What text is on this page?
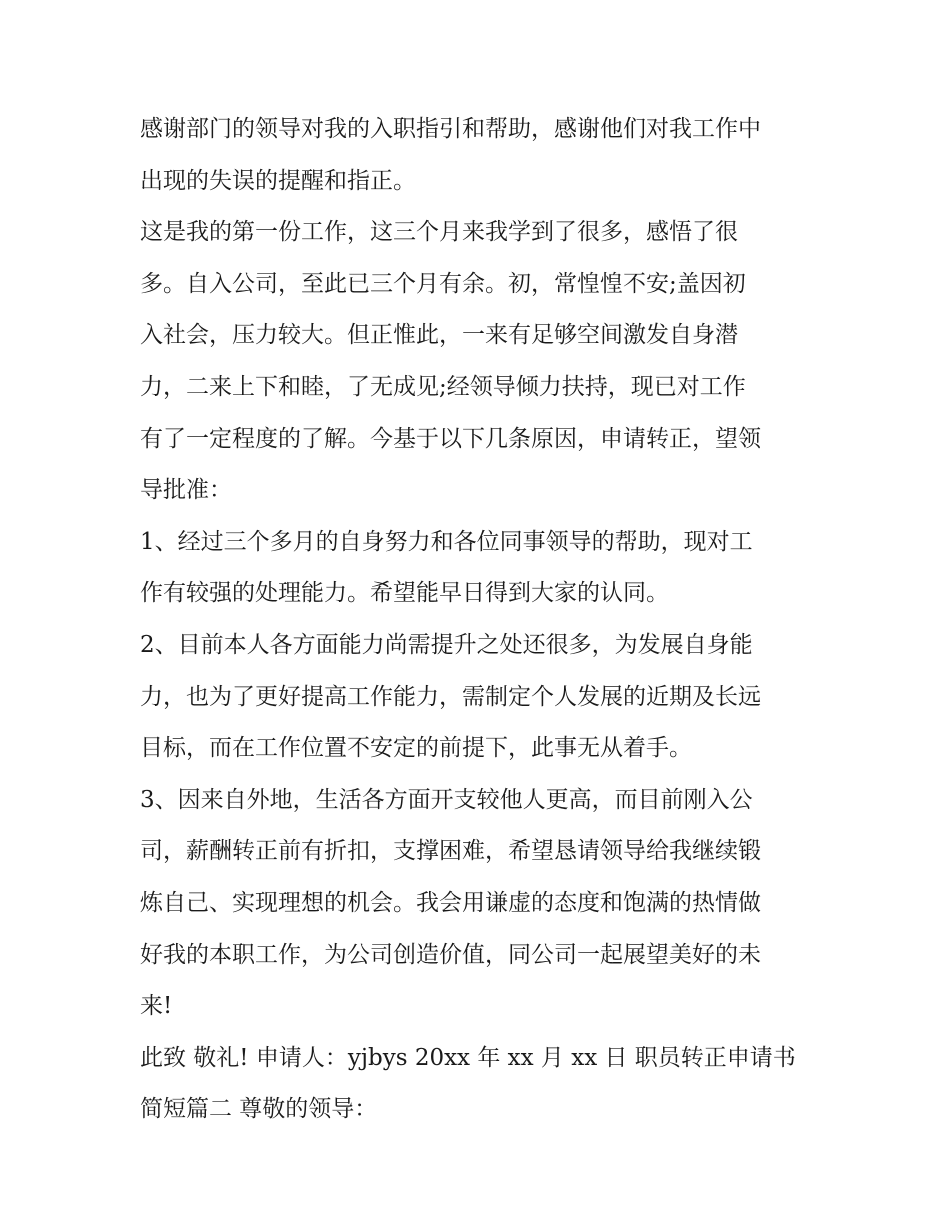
感谢部门的领导对我的入职指引和帮助，感谢他们对我工作中
出现的失误的提醒和指正。

这是我的第一份工作，这三个月来我学到了很多，感悟了很
多。自入公司，至此已三个月有余。初，常惶惶不安;盖因初
入社会，压力较大。但正惟此，一来有足够空间激发自身潜
力，二来上下和睦，了无成见;经领导倾力扶持，现已对工作
有了一定程度的了解。今基于以下几条原因，申请转正，望领
导批准：

1、经过三个多月的自身努力和各位同事领导的帮助，现对工
作有较强的处理能力。希望能早日得到大家的认同。

2、目前本人各方面能力尚需提升之处还很多，为发展自身能
力，也为了更好提高工作能力，需制定个人发展的近期及长远
目标，而在工作位置不安定的前提下，此事无从着手。

3、因来自外地，生活各方面开支较他人更高，而目前刚入公
司，薪酬转正前有折扣，支撑困难，希望恳请领导给我继续锻
炼自己、实现理想的机会。我会用谦虚的态度和饱满的热情做
好我的本职工作，为公司创造价值，同公司一起展望美好的未
来!

此致 敬礼! 申请人：yjbys 20xx 年 xx 月 xx 日 职员转正申请书
简短篇二 尊敬的领导：
